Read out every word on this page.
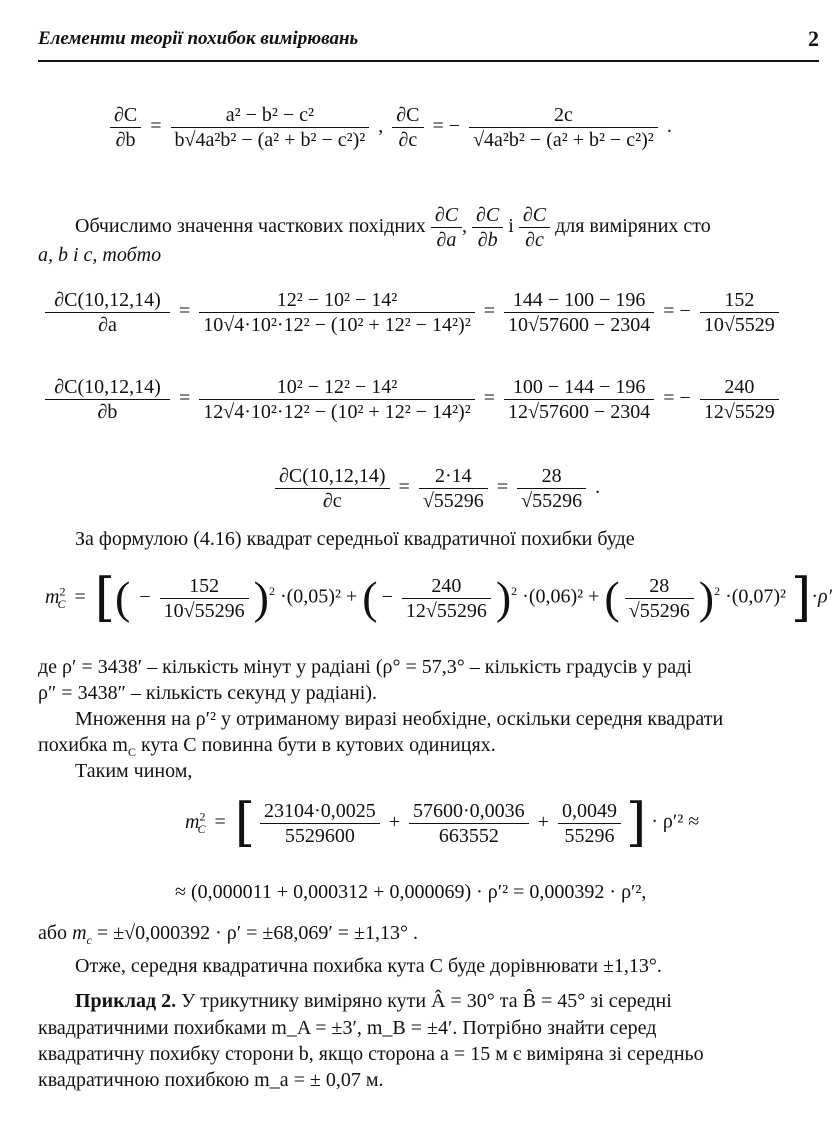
Елементи теорії похибок вимірювань	2
$\frac{\partial C}{\partial b} = \frac{\text{a² − b² − c²}}{\text{b√4a²b² − (a² + b² − c²)²}}$ , $\frac{\partial C}{\partial c}$ = − $\frac{2c}{\text{√4a²b² − (a² + b² − c²)²}}$ .
Обчислимо значення часткових похідних $\frac{\partial C}{\partial a}$ , $\frac{\partial C}{\partial b}$ і $\frac{\partial C}{\partial c}$ для виміряних сто
a, b і c, тобто
$\frac{\partial C(10,12,14)}{\partial a} = \frac{\text{12² − 10² − 14²}}{\text{10√4·10²·12² − (10² + 12² − 14²)²}} = \frac{144 - 100 - 196}{10√57600 - 2304}$ = − $\frac{152}{10√5529}$
$\frac{\partial C(10,12,14)}{\partial b} = \frac{\text{10² − 12² − 14²}}{\text{12√4·10²·12² − (10² + 12² − 14²)²}} = \frac{100 - 144 - 196}{12√57600 - 2304}$ = − $\frac{240}{12√5529}$
$\frac{\partial C(10,12,14)}{\partial c} = \frac{2\cdot 14}{√55296} = \frac{28}{√55296}$ .
За формулою (4.16) квадрат середньої квадратичної похибки буде
$m^2_C$ = [( − $\frac{152}{10√55296} )^2 \cdot(0,05)^2$ + ( − $\frac{240}{12√55296} )^2 \cdot(0,06)^2$ + ( $\frac{28}{√55296} )^2 \cdot(0,07)^2$ ]·ρ′
де ρ′ = 3438′ – кількість мінут у радіані (ρ° = 57,3° – кількість градусів у раді
ρ″ = 3438″ – кількість секунд у радіані).
Множення на ρ′² у отриманому виразі необхідне, оскільки середня квадрати
похибка $m_C$ кута C повинна бути в кутових одиницях.
Таким чином,
$m^2_C$ = [ $\frac{23104\cdot 0,0025}{5529600} + \frac{57600\cdot 0,0036}{663552} + \frac{0,0049}{55296}$ ] · ρ′² ≈
≈ (0,000011 + 0,000312 + 0,000069) · ρ′² = 0,000392 · ρ′²,
або $m_c = \pm√0,000392 \cdot \rho' = \pm 68,069' = \pm 1,13^\circ$ .
Отже, середня квадратична похибка кута C буде дорівнювати ±1,13°.
Приклад 2. У трикутнику виміряно кути Â = 30° та B̂ = 45° зі середні
квадратичними похибками m_A = ±3′, m_B = ±4′. Потрібно знайти серед
квадратичну похибку сторони b, якщо сторона a = 15 м є виміряна зі середньо
квадратичною похибкою m_a = ± 0,07 м.
